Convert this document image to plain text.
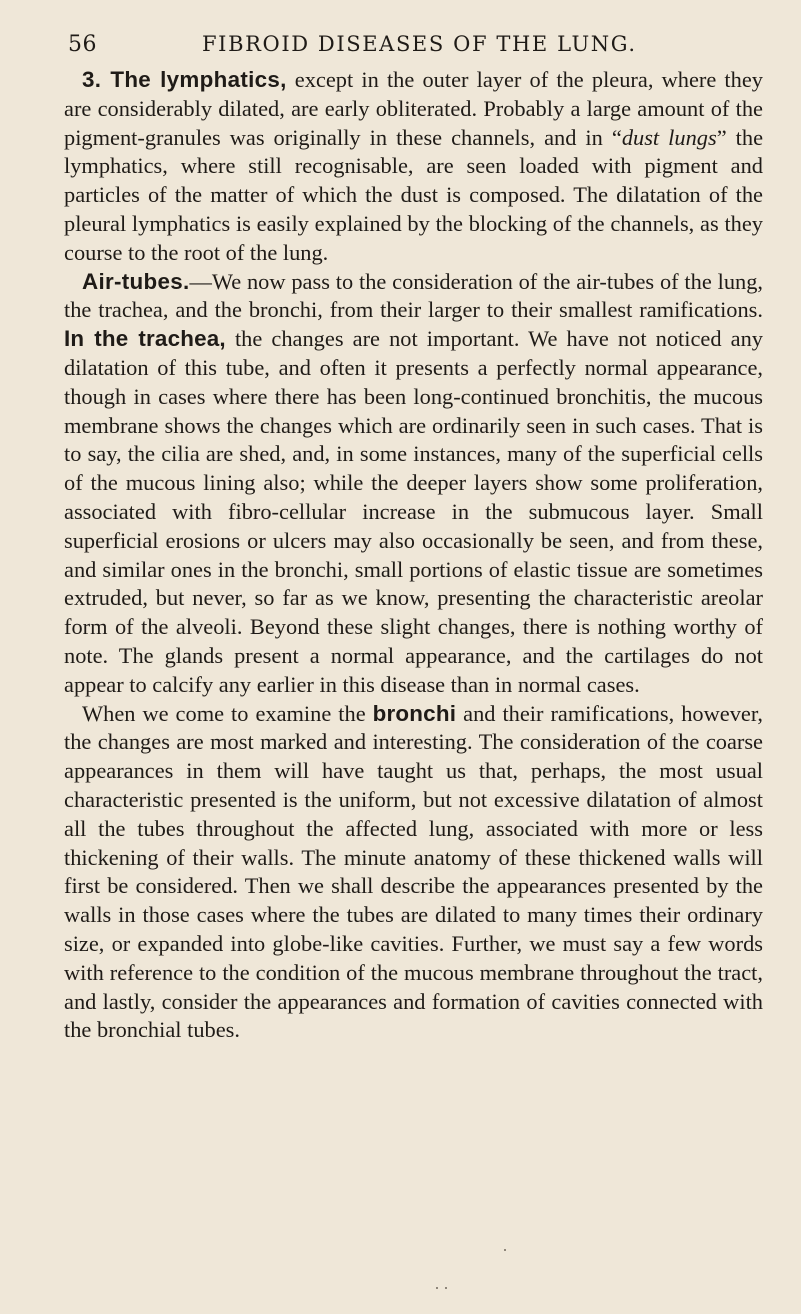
56	FIBROID DISEASES OF THE LUNG.

3. The lymphatics, except in the outer layer of the pleura, where they are considerably dilated, are early obliterated. Probably a large amount of the pigment-granules was originally in these channels, and in “dust lungs” the lymphatics, where still recognisable, are seen loaded with pigment and particles of the matter of which the dust is composed. The dilatation of the pleural lymphatics is easily explained by the blocking of the channels, as they course to the root of the lung.

Air-tubes.—We now pass to the consideration of the air-tubes of the lung, the trachea, and the bronchi, from their larger to their smallest ramifications. In the trachea, the changes are not important. We have not noticed any dilatation of this tube, and often it presents a perfectly normal appearance, though in cases where there has been long-continued bronchitis, the mucous membrane shows the changes which are ordinarily seen in such cases. That is to say, the cilia are shed, and, in some instances, many of the superficial cells of the mucous lining also; while the deeper layers show some proliferation, associated with fibro-cellular increase in the submucous layer. Small superficial erosions or ulcers may also occasionally be seen, and from these, and similar ones in the bronchi, small portions of elastic tissue are sometimes extruded, but never, so far as we know, presenting the characteristic areolar form of the alveoli. Beyond these slight changes, there is nothing worthy of note. The glands present a normal appearance, and the cartilages do not appear to calcify any earlier in this disease than in normal cases.

When we come to examine the bronchi and their ramifications, however, the changes are most marked and interesting. The consideration of the coarse appearances in them will have taught us that, perhaps, the most usual characteristic presented is the uniform, but not excessive dilatation of almost all the tubes throughout the affected lung, associated with more or less thickening of their walls. The minute anatomy of these thickened walls will first be considered. Then we shall describe the appearances presented by the walls in those cases where the tubes are dilated to many times their ordinary size, or expanded into globe-like cavities. Further, we must say a few words with reference to the condition of the mucous membrane throughout the tract, and lastly, consider the appearances and formation of cavities connected with the bronchial tubes.
